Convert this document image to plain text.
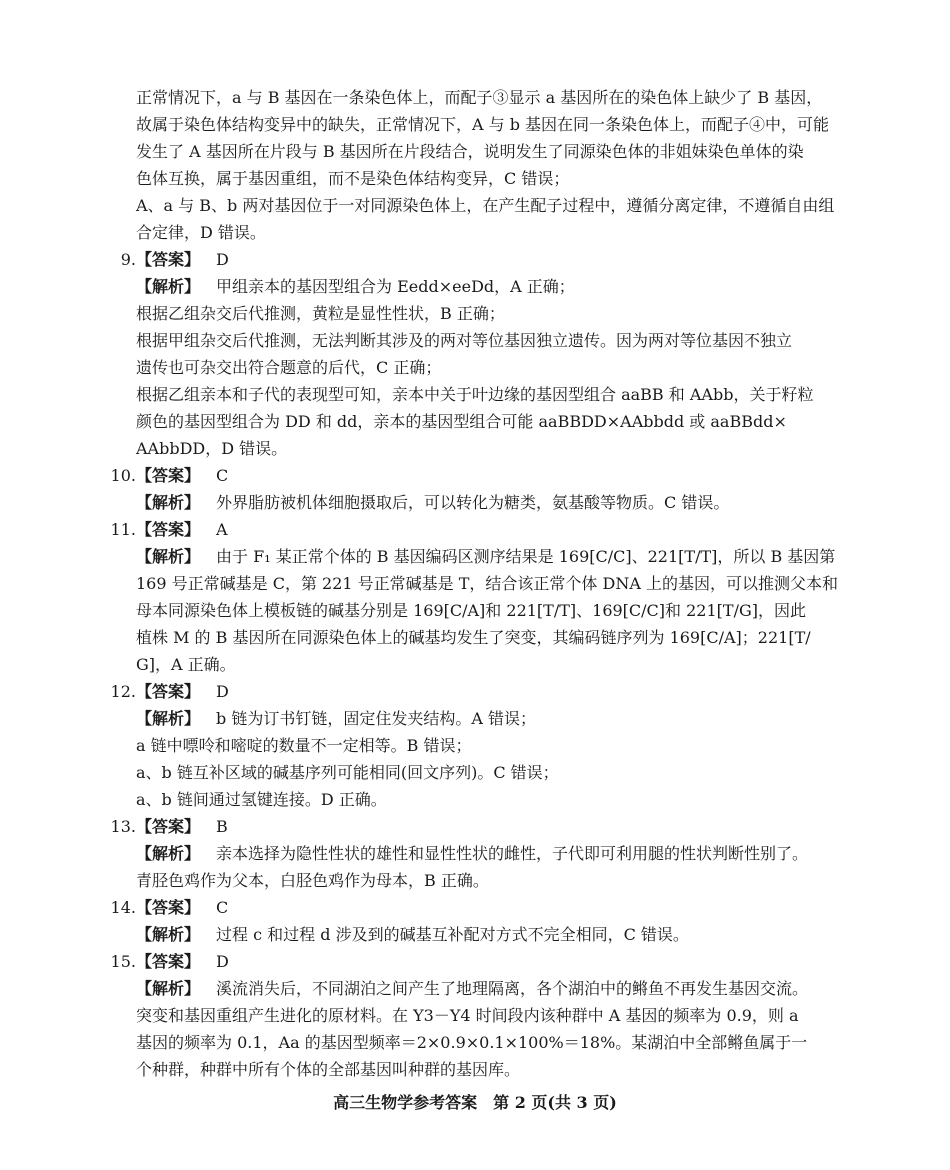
正常情况下，a 与 B 基因在一条染色体上，而配子③显示 a 基因所在的染色体上缺少了 B 基因，
故属于染色体结构变异中的缺失，正常情况下，A 与 b 基因在同一条染色体上，而配子④中，可能
发生了 A 基因所在片段与 B 基因所在片段结合，说明发生了同源染色体的非姐妹染色单体的染
色体互换，属于基因重组，而不是染色体结构变异，C 错误；
A、a 与 B、b 两对基因位于一对同源染色体上，在产生配子过程中，遵循分离定律，不遵循自由组
合定律，D 错误。
9.【答案】  D
【解析】  甲组亲本的基因型组合为 Eedd×eeDd，A 正确；
根据乙组杂交后代推测，黄粒是显性性状，B 正确；
根据甲组杂交后代推测，无法判断其涉及的两对等位基因独立遗传。因为两对等位基因不独立
遗传也可杂交出符合题意的后代，C 正确；
根据乙组亲本和子代的表现型可知，亲本中关于叶边缘的基因型组合 aaBB 和 AAbb，关于籽粒
颜色的基因型组合为 DD 和 dd，亲本的基因型组合可能 aaBBDD×AAbbdd 或 aaBBdd×
AAbbDD，D 错误。
10.【答案】  C
【解析】  外界脂肪被机体细胞摄取后，可以转化为糖类，氨基酸等物质。C 错误。
11.【答案】  A
【解析】  由于 F₁ 某正常个体的 B 基因编码区测序结果是 169[C/C]、221[T/T]，所以 B 基因第
169 号正常碱基是 C，第 221 号正常碱基是 T，结合该正常个体 DNA 上的基因，可以推测父本和
母本同源染色体上模板链的碱基分别是 169[C/A]和 221[T/T]、169[C/C]和 221[T/G]，因此
植株 M 的 B 基因所在同源染色体上的碱基均发生了突变，其编码链序列为 169[C/A]；221[T/
G]，A 正确。
12.【答案】  D
【解析】  b 链为订书钉链，固定住发夹结构。A 错误；
a 链中嘌呤和嘧啶的数量不一定相等。B 错误；
a、b 链互补区域的碱基序列可能相同(回文序列)。C 错误；
a、b 链间通过氢键连接。D 正确。
13.【答案】  B
【解析】  亲本选择为隐性性状的雄性和显性性状的雌性，子代即可利用腿的性状判断性别了。
青胫色鸡作为父本，白胫色鸡作为母本，B 正确。
14.【答案】  C
【解析】  过程 c 和过程 d 涉及到的碱基互补配对方式不完全相同，C 错误。
15.【答案】  D
【解析】  溪流消失后，不同湖泊之间产生了地理隔离，各个湖泊中的鳉鱼不再发生基因交流。
突变和基因重组产生进化的原材料。在 Y3－Y4 时间段内该种群中 A 基因的频率为 0.9，则 a
基因的频率为 0.1，Aa 的基因型频率＝2×0.9×0.1×100%＝18%。某湖泊中全部鳉鱼属于一
个种群，种群中所有个体的全部基因叫种群的基因库。
高三生物学参考答案　第 2 页(共 3 页)
